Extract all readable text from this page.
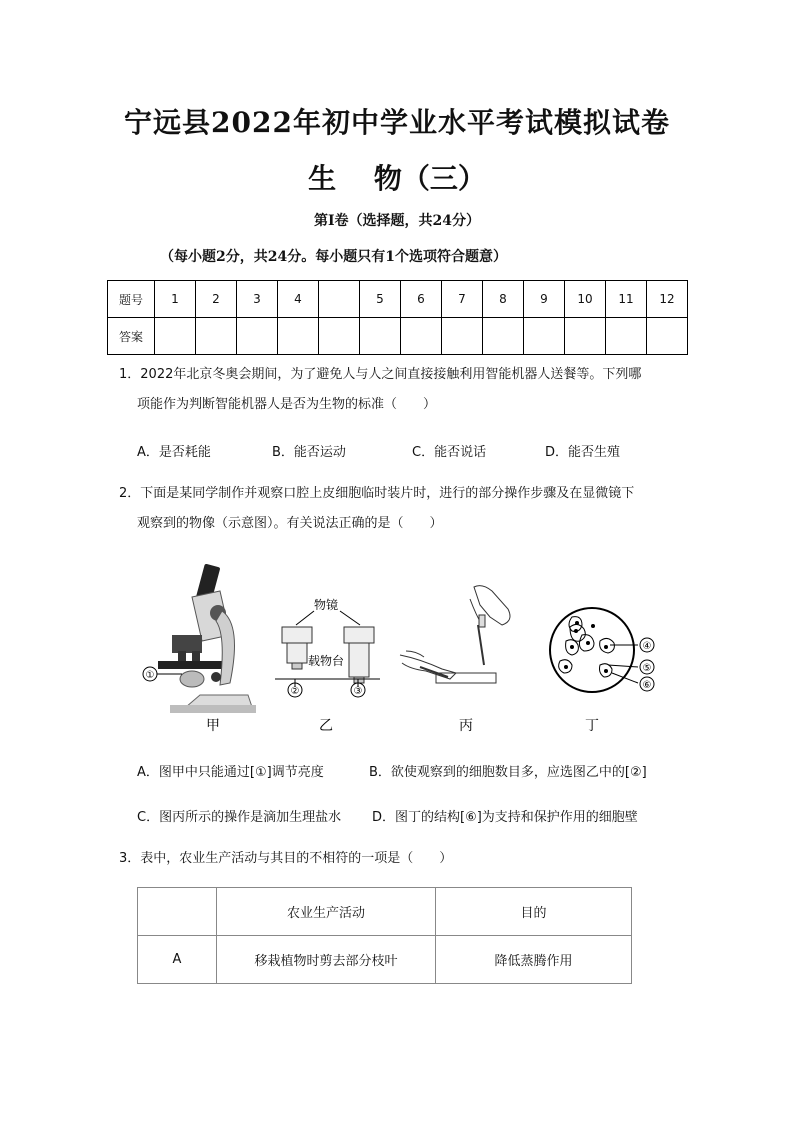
宁远县2022年初中学业水平考试模拟试卷
生　 物（三）
第Ⅰ卷（选择题，共24分）
（每小题2分，共24分。每小题只有1个选项符合题意）
题号	1	2	3	4		5	6	7	8	9	10	11	12
答案													
1．2022年北京冬奥会期间，为了避免人与人之间直接接触利用智能机器人送餐等。下列哪
项能作为判断智能机器人是否为生物的标准（　　）
A．是否耗能	B．能否运动	C．能否说话	D．能否生殖
2．下面是某同学制作并观察口腔上皮细胞临时装片时，进行的部分操作步骤及在显微镜下
观察到的物像（示意图）。有关说法正确的是（　　）
①
物镜
载物台
②	③
④
⑤
⑥
甲	乙	丙	丁
A．图甲中只能通过[①]调节亮度	B．欲使观察到的细胞数目多，应选图乙中的[②]
C．图丙所示的操作是滴加生理盐水 D．图丁的结构[⑥]为支持和保护作用的细胞壁
3．表中，农业生产活动与其目的不相符的一项是（　　）
	农业生产活动	目的
A	移栽植物时剪去部分枝叶	降低蒸腾作用
